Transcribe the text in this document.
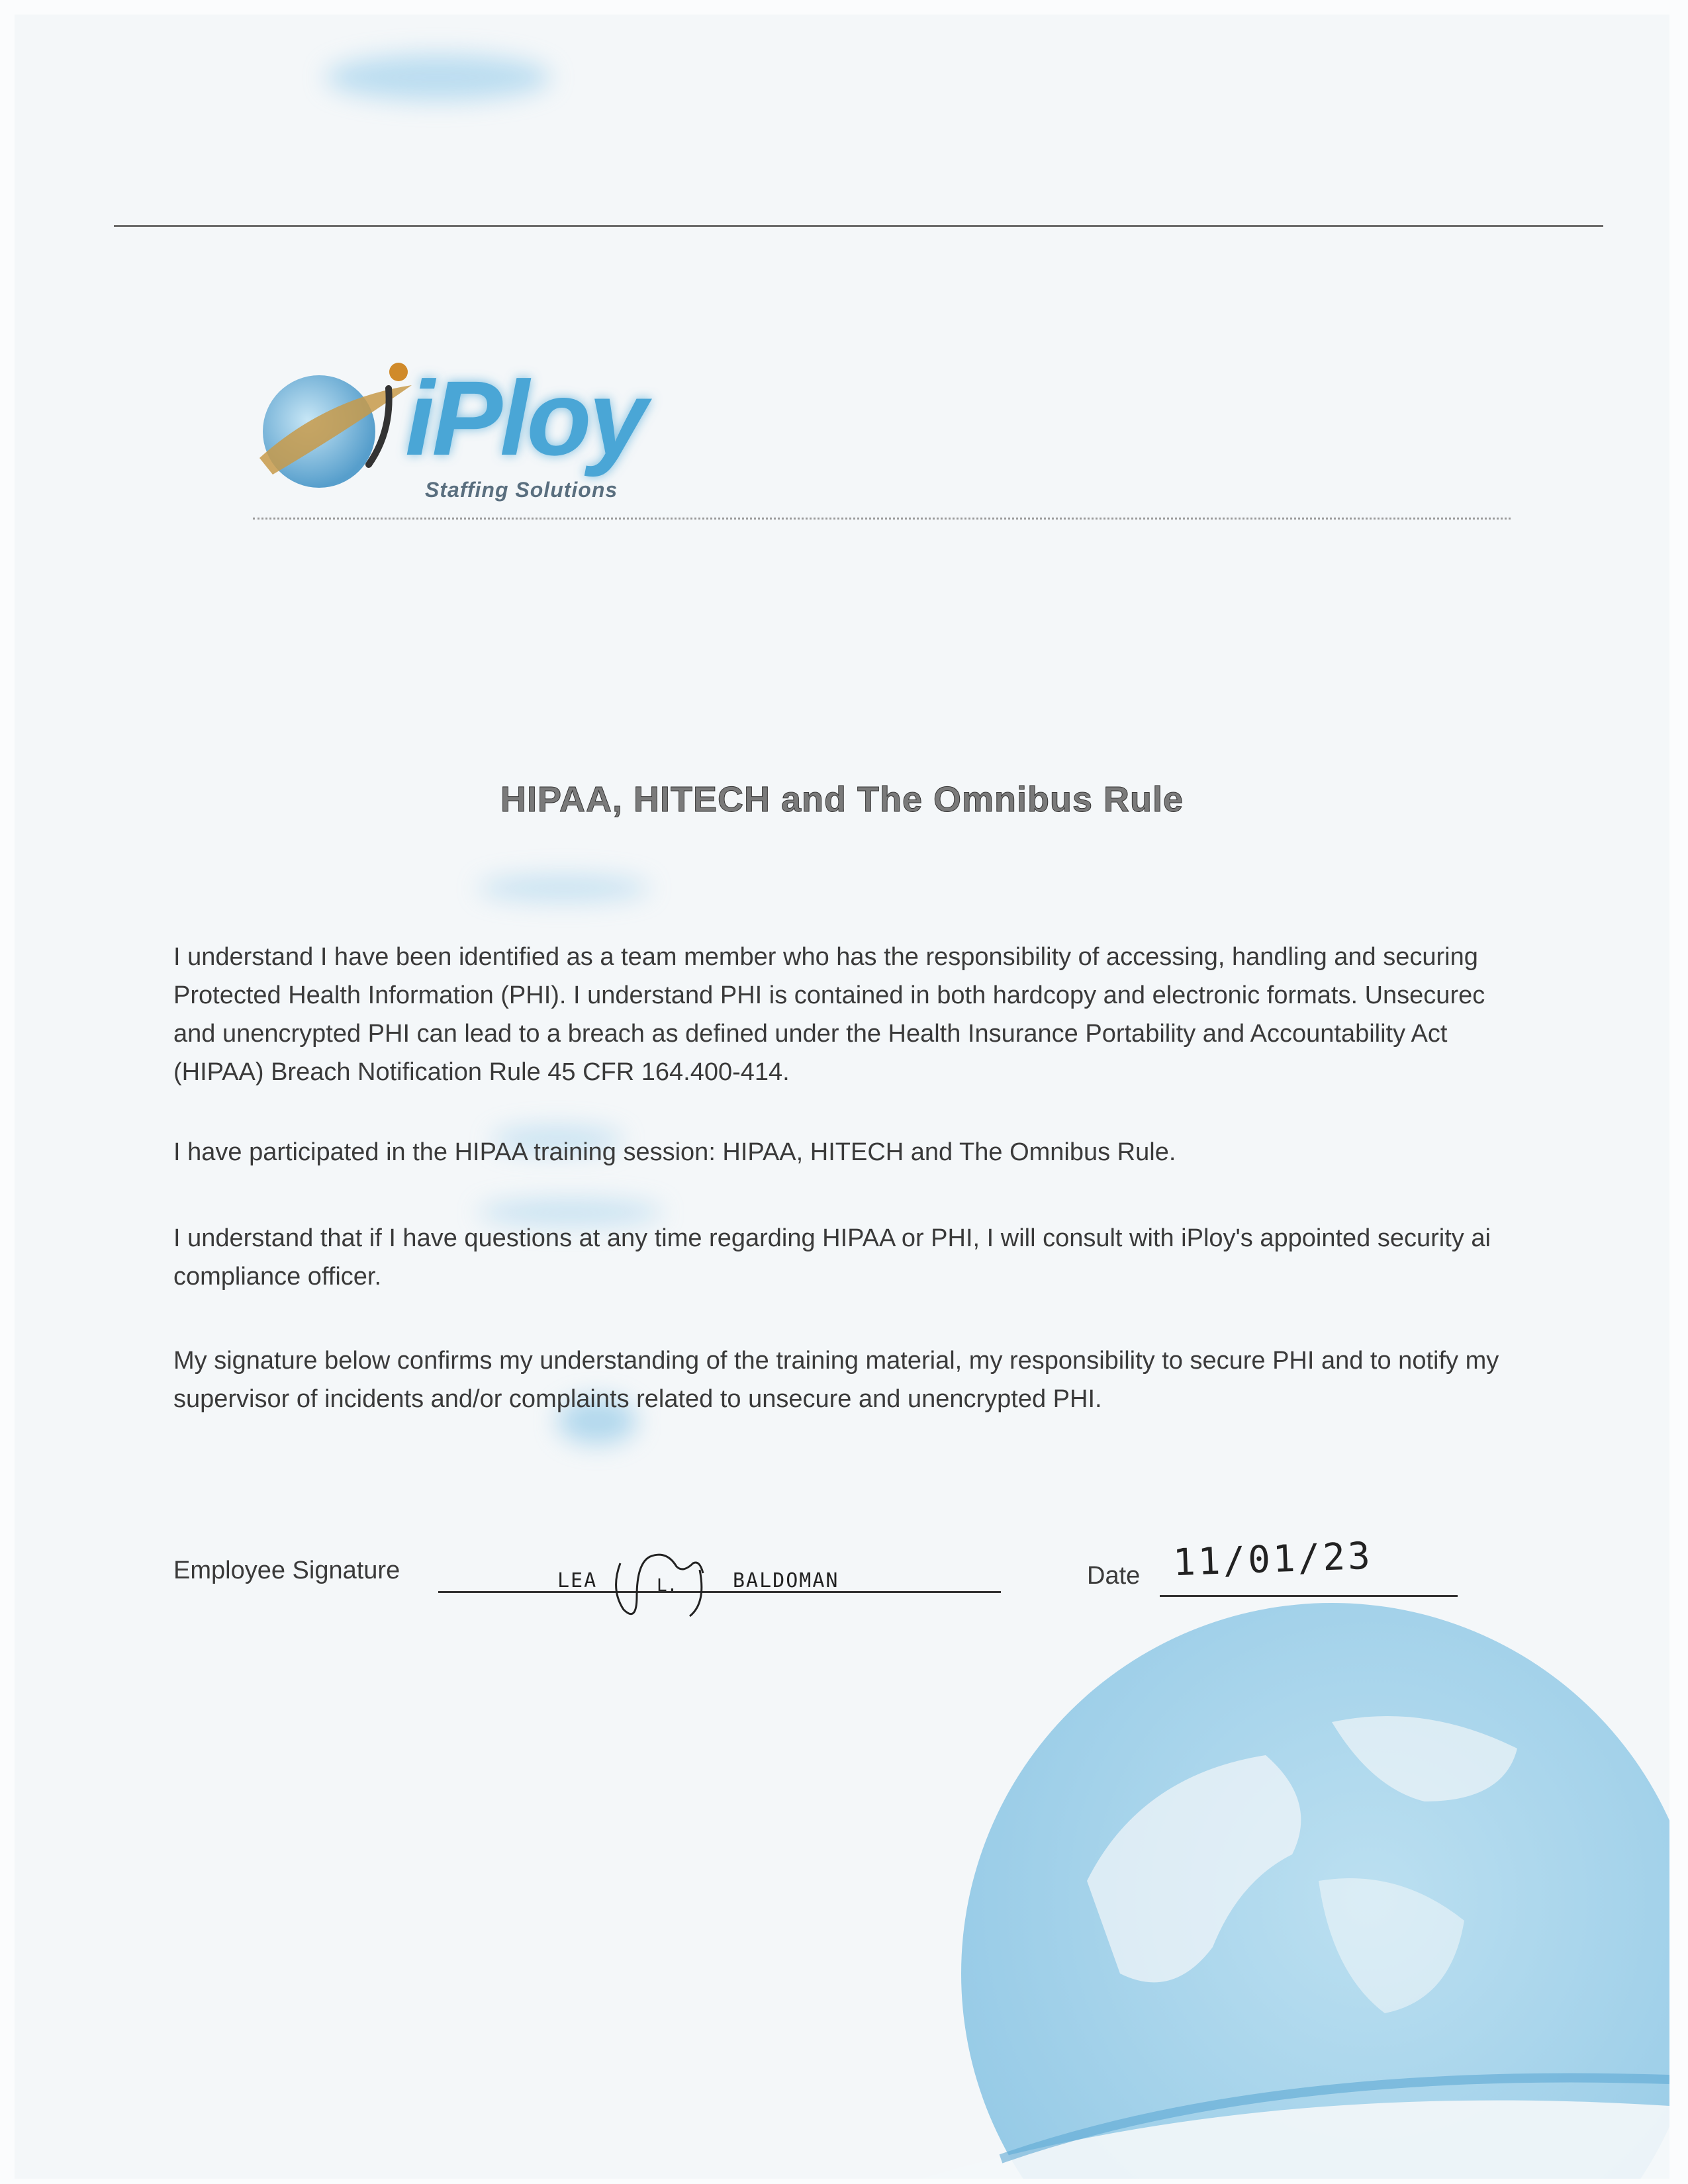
iPloy
Staffing Solutions
HIPAA, HITECH and The Omnibus Rule
I understand I have been identified as a team member who has the responsibility of accessing, handling and securing
Protected Health Information (PHI). I understand PHI is contained in both hardcopy and electronic formats. Unsecurec
and unencrypted PHI can lead to a breach as defined under the Health Insurance Portability and Accountability Act
(HIPAA) Breach Notification Rule 45 CFR 164.400-414.
I have participated in the HIPAA training session: HIPAA, HITECH and The Omnibus Rule.
I understand that if I have questions at any time regarding HIPAA or PHI, I will consult with iPloy's appointed security ai
compliance officer.
My signature below confirms my understanding of the training material, my responsibility to secure PHI and to notify my
supervisor of incidents and/or complaints related to unsecure and unencrypted PHI.
Employee Signature	LEA	L.	BALDOMAN	Date 11/01/23
